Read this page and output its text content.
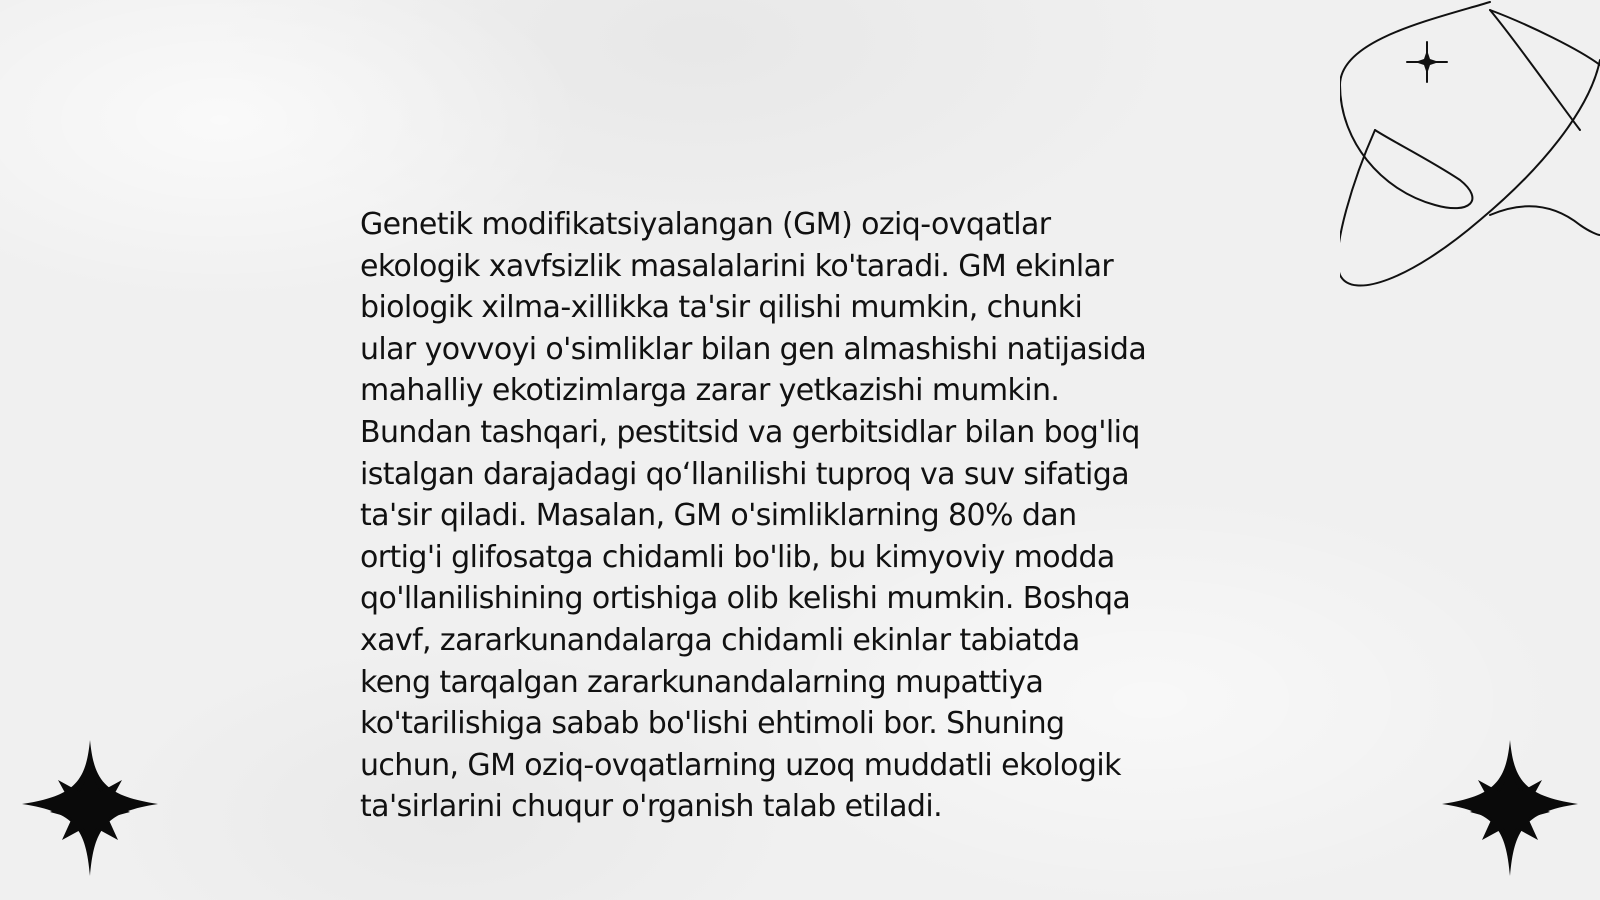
Genetik modifikatsiyalangan (GM) oziq-ovqatlar
ekologik xavfsizlik masalalarini ko'taradi. GM ekinlar
biologik xilma-xillikka ta'sir qilishi mumkin, chunki
ular yovvoyi o'simliklar bilan gen almashishi natijasida
mahalliy ekotizimlarga zarar yetkazishi mumkin.
Bundan tashqari, pestitsid va gerbitsidlar bilan bog'liq
istalgan darajadagi qo‘llanilishi tuproq va suv sifatiga
ta'sir qiladi. Masalan, GM o'simliklarning 80% dan
ortig'i glifosatga chidamli bo'lib, bu kimyoviy modda
qo'llanilishining ortishiga olib kelishi mumkin. Boshqa
xavf, zararkunandalarga chidamli ekinlar tabiatda
keng tarqalgan zararkunandalarning mupattiya
ko'tarilishiga sabab bo'lishi ehtimoli bor. Shuning
uchun, GM oziq-ovqatlarning uzoq muddatli ekologik
ta'sirlarini chuqur o'rganish talab etiladi.
